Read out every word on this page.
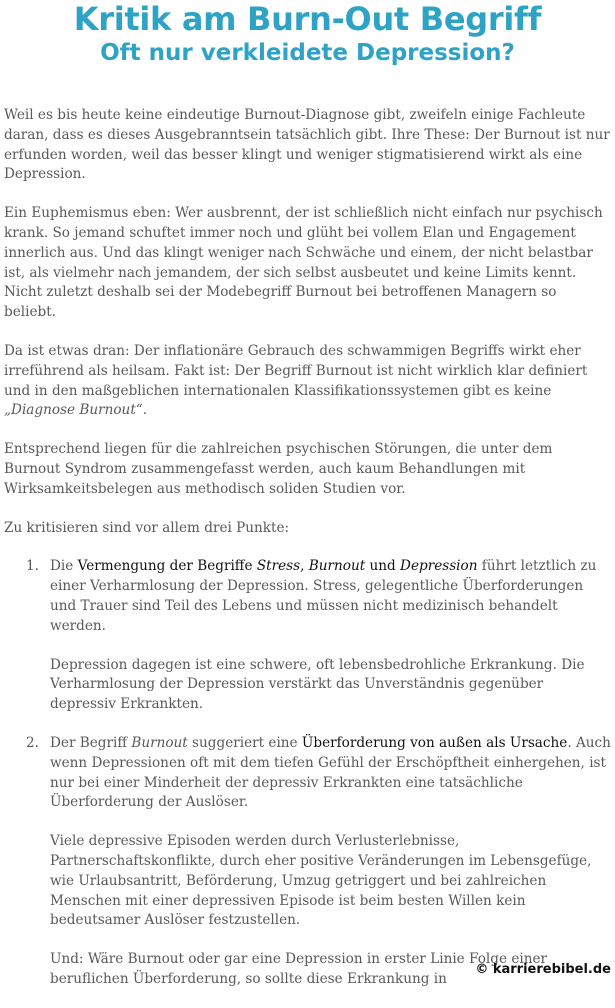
Kritik am Burn-Out Begriff
Oft nur verkleidete Depression?

Weil es bis heute keine eindeutige Burnout-Diagnose gibt, zweifeln einige Fachleute daran, dass es dieses Ausgebranntsein tatsächlich gibt. Ihre These: Der Burnout ist nur erfunden worden, weil das besser klingt und weniger stigmatisierend wirkt als eine Depression.

Ein Euphemismus eben: Wer ausbrennt, der ist schließlich nicht einfach nur psychisch krank. So jemand schuftet immer noch und glüht bei vollem Elan und Engagement innerlich aus. Und das klingt weniger nach Schwäche und einem, der nicht belastbar ist, als vielmehr nach jemandem, der sich selbst ausbeutet und keine Limits kennt. Nicht zuletzt deshalb sei der Modebegriff Burnout bei betroffenen Managern so beliebt.

Da ist etwas dran: Der inflationäre Gebrauch des schwammigen Begriffs wirkt eher irreführend als heilsam. Fakt ist: Der Begriff Burnout ist nicht wirklich klar definiert und in den maßgeblichen internationalen Klassifikationssystemen gibt es keine „Diagnose Burnout“.

Entsprechend liegen für die zahlreichen psychischen Störungen, die unter dem Burnout Syndrom zusammengefasst werden, auch kaum Behandlungen mit Wirksamkeitsbelegen aus methodisch soliden Studien vor.

Zu kritisieren sind vor allem drei Punkte:

1. Die Vermengung der Begriffe Stress, Burnout und Depression führt letztlich zu einer Verharmlosung der Depression. Stress, gelegentliche Überforderungen und Trauer sind Teil des Lebens und müssen nicht medizinisch behandelt werden.

Depression dagegen ist eine schwere, oft lebensbedrohliche Erkrankung. Die Verharmlosung der Depression verstärkt das Unverständnis gegenüber depressiv Erkrankten.

2. Der Begriff Burnout suggeriert eine Überforderung von außen als Ursache. Auch wenn Depressionen oft mit dem tiefen Gefühl der Erschöpftheit einhergehen, ist nur bei einer Minderheit der depressiv Erkrankten eine tatsächliche Überforderung der Auslöser.

Viele depressive Episoden werden durch Verlusterlebnisse, Partnerschaftskonflikte, durch eher positive Veränderungen im Lebensgefüge, wie Urlaubsantritt, Beförderung, Umzug getriggert und bei zahlreichen Menschen mit einer depressiven Episode ist beim besten Willen kein bedeutsamer Auslöser festzustellen.

Und: Wäre Burnout oder gar eine Depression in erster Linie Folge einer beruflichen Überforderung, so sollte diese Erkrankung in

© karrierebibel.de
